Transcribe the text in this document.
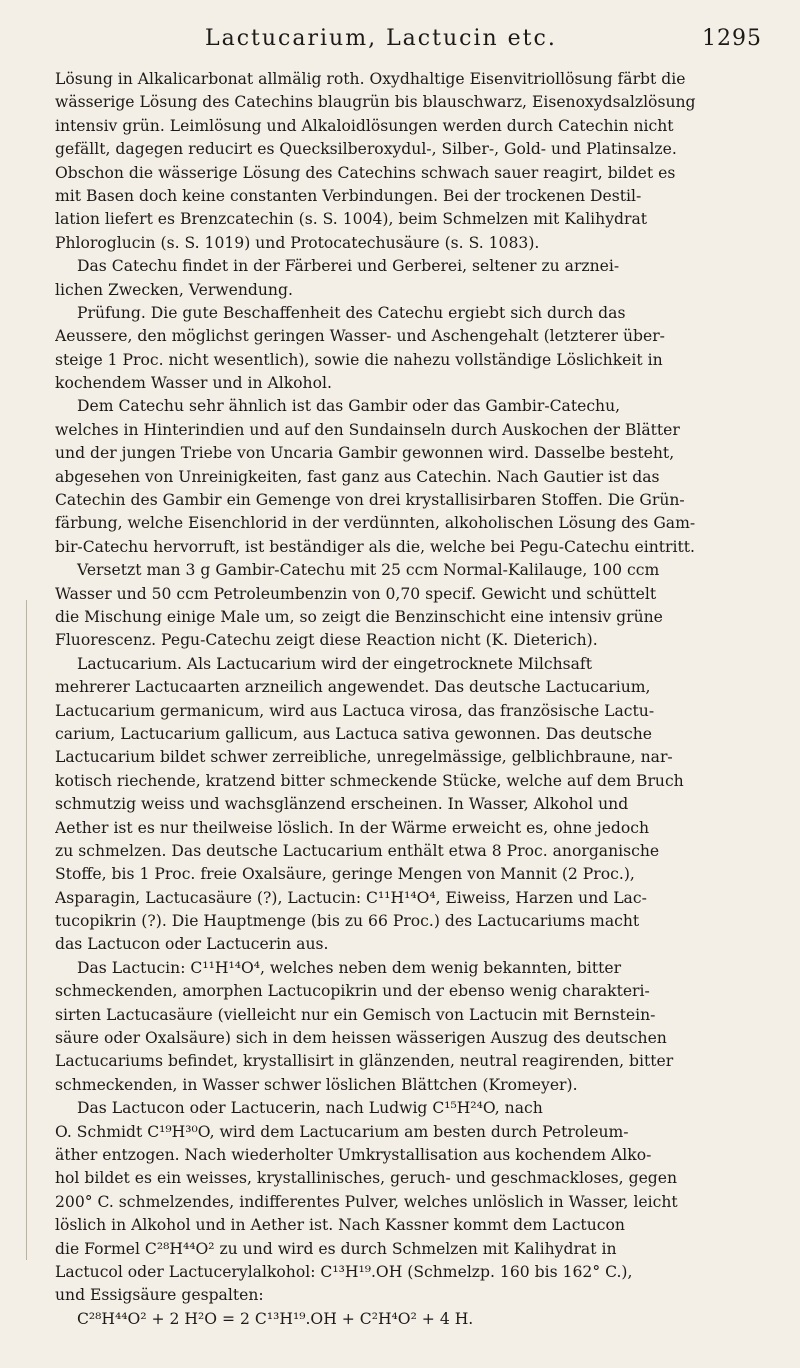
Lactucarium, Lactucin etc.	1295
Lösung in Alkalicarbonat allmälig roth. Oxydhaltige Eisenvitriollösung färbt die
wässerige Lösung des Catechins blaugrün bis blauschwarz, Eisenoxydsalzlösung
intensiv grün. Leimlösung und Alkaloidlösungen werden durch Catechin nicht
gefällt, dagegen reducirt es Quecksilberoxydul-, Silber-, Gold- und Platinsalze.
Obschon die wässerige Lösung des Catechins schwach sauer reagirt, bildet es
mit Basen doch keine constanten Verbindungen. Bei der trockenen Destil-
lation liefert es Brenzcatechin (s. S. 1004), beim Schmelzen mit Kalihydrat
Phloroglucin (s. S. 1019) und Protocatechusäure (s. S. 1083).
Das Catechu findet in der Färberei und Gerberei, seltener zu arznei-
lichen Zwecken, Verwendung.
Prüfung. Die gute Beschaffenheit des Catechu ergiebt sich durch das
Aeussere, den möglichst geringen Wasser- und Aschengehalt (letzterer über-
steige 1 Proc. nicht wesentlich), sowie die nahezu vollständige Löslichkeit in
kochendem Wasser und in Alkohol.
Dem Catechu sehr ähnlich ist das Gambir oder das Gambir-Catechu,
welches in Hinterindien und auf den Sundainseln durch Auskochen der Blätter
und der jungen Triebe von Uncaria Gambir gewonnen wird. Dasselbe besteht,
abgesehen von Unreinigkeiten, fast ganz aus Catechin. Nach Gautier ist das
Catechin des Gambir ein Gemenge von drei krystallisirbaren Stoffen. Die Grün-
färbung, welche Eisenchlorid in der verdünnten, alkoholischen Lösung des Gam-
bir-Catechu hervorruft, ist beständiger als die, welche bei Pegu-Catechu eintritt.
Versetzt man 3 g Gambir-Catechu mit 25 ccm Normal-Kalilauge, 100 ccm
Wasser und 50 ccm Petroleumbenzin von 0,70 specif. Gewicht und schüttelt
die Mischung einige Male um, so zeigt die Benzinschicht eine intensiv grüne
Fluorescenz. Pegu-Catechu zeigt diese Reaction nicht (K. Dieterich).
Lactucarium. Als Lactucarium wird der eingetrocknete Milchsaft
mehrerer Lactucaarten arzneilich angewendet. Das deutsche Lactucarium,
Lactucarium germanicum, wird aus Lactuca virosa, das französische Lactu-
carium, Lactucarium gallicum, aus Lactuca sativa gewonnen. Das deutsche
Lactucarium bildet schwer zerreibliche, unregelmässige, gelblichbraune, nar-
kotisch riechende, kratzend bitter schmeckende Stücke, welche auf dem Bruch
schmutzig weiss und wachsglänzend erscheinen. In Wasser, Alkohol und
Aether ist es nur theilweise löslich. In der Wärme erweicht es, ohne jedoch
zu schmelzen. Das deutsche Lactucarium enthält etwa 8 Proc. anorganische
Stoffe, bis 1 Proc. freie Oxalsäure, geringe Mengen von Mannit (2 Proc.),
Asparagin, Lactucasäure (?), Lactucin: C¹¹H¹⁴O⁴, Eiweiss, Harzen und Lac-
tucopikrin (?). Die Hauptmenge (bis zu 66 Proc.) des Lactucariums macht
das Lactucon oder Lactucerin aus.
Das Lactucin: C¹¹H¹⁴O⁴, welches neben dem wenig bekannten, bitter
schmeckenden, amorphen Lactucopikrin und der ebenso wenig charakteri-
sirten Lactucasäure (vielleicht nur ein Gemisch von Lactucin mit Bernstein-
säure oder Oxalsäure) sich in dem heissen wässerigen Auszug des deutschen
Lactucariums befindet, krystallisirt in glänzenden, neutral reagirenden, bitter
schmeckenden, in Wasser schwer löslichen Blättchen (Kromeyer).
Das Lactucon oder Lactucerin, nach Ludwig C¹⁵H²⁴O, nach
O. Schmidt C¹⁹H³⁰O, wird dem Lactucarium am besten durch Petroleum-
äther entzogen. Nach wiederholter Umkrystallisation aus kochendem Alko-
hol bildet es ein weisses, krystallinisches, geruch- und geschmackloses, gegen
200° C. schmelzendes, indifferentes Pulver, welches unlöslich in Wasser, leicht
löslich in Alkohol und in Aether ist. Nach Kassner kommt dem Lactucon
die Formel C²⁸H⁴⁴O² zu und wird es durch Schmelzen mit Kalihydrat in
Lactucol oder Lactucerylalkohol: C¹³H¹⁹.OH (Schmelzp. 160 bis 162° C.),
und Essigsäure gespalten:
C²⁸H⁴⁴O² + 2 H²O = 2 C¹³H¹⁹.OH + C²H⁴O² + 4 H.
